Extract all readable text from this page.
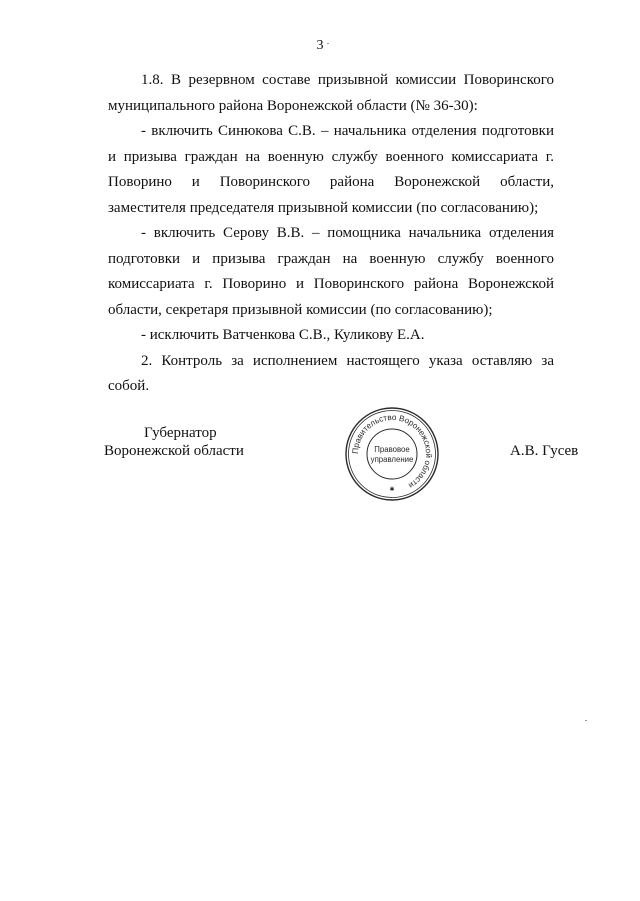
3

1.8. В резервном составе призывной комиссии Поворинского муниципального района Воронежской области (№ 36-30):

- включить Синюкова С.В. – начальника отделения подготовки и призыва граждан на военную службу военного комиссариата г. Поворино и Поворинского района Воронежской области, заместителя председателя призывной комиссии (по согласованию);

- включить Серову В.В. – помощника начальника отделения подготовки и призыва граждан на военную службу военного комиссариата г. Поворино и Поворинского района Воронежской области, секретаря призывной комиссии (по согласованию);

- исключить Ватченкова С.В., Куликову Е.А.

2. Контроль за исполнением настоящего указа оставляю за собой.

Губернатор
Воронежской области	А.В. Гусев
Правительство Воронежской области
Правовое
управление
✱
